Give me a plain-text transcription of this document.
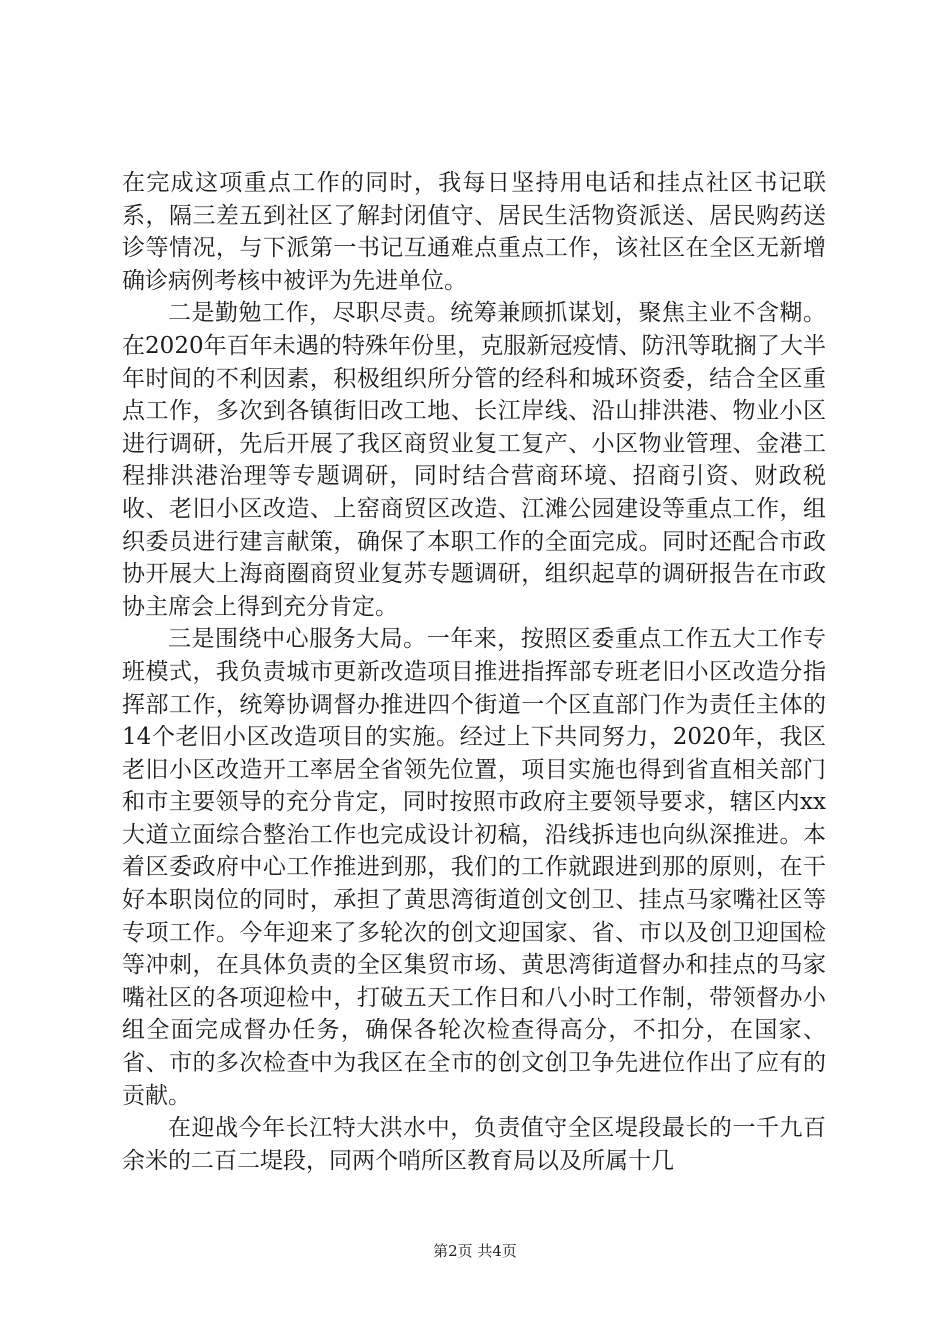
在完成这项重点工作的同时，我每日坚持用电话和挂点社区书记联系，隔三差五到社区了解封闭值守、居民生活物资派送、居民购药送诊等情况，与下派第一书记互通难点重点工作，该社区在全区无新增确诊病例考核中被评为先进单位。

二是勤勉工作，尽职尽责。统筹兼顾抓谋划，聚焦主业不含糊。在2020年百年未遇的特殊年份里，克服新冠疫情、防汛等耽搁了大半年时间的不利因素，积极组织所分管的经科和城环资委，结合全区重点工作，多次到各镇街旧改工地、长江岸线、沿山排洪港、物业小区进行调研，先后开展了我区商贸业复工复产、小区物业管理、金港工程排洪港治理等专题调研，同时结合营商环境、招商引资、财政税收、老旧小区改造、上窑商贸区改造、江滩公园建设等重点工作，组织委员进行建言献策，确保了本职工作的全面完成。同时还配合市政协开展大上海商圈商贸业复苏专题调研，组织起草的调研报告在市政协主席会上得到充分肯定。

三是围绕中心服务大局。一年来，按照区委重点工作五大工作专班模式，我负责城市更新改造项目推进指挥部专班老旧小区改造分指挥部工作，统筹协调督办推进四个街道一个区直部门作为责任主体的14个老旧小区改造项目的实施。经过上下共同努力，2020年，我区老旧小区改造开工率居全省领先位置，项目实施也得到省直相关部门和市主要领导的充分肯定，同时按照市政府主要领导要求，辖区内xx大道立面综合整治工作也完成设计初稿，沿线拆违也向纵深推进。本着区委政府中心工作推进到那，我们的工作就跟进到那的原则，在干好本职岗位的同时，承担了黄思湾街道创文创卫、挂点马家嘴社区等专项工作。今年迎来了多轮次的创文迎国家、省、市以及创卫迎国检等冲刺，在具体负责的全区集贸市场、黄思湾街道督办和挂点的马家嘴社区的各项迎检中，打破五天工作日和八小时工作制，带领督办小组全面完成督办任务，确保各轮次检查得高分，不扣分，在国家、省、市的多次检查中为我区在全市的创文创卫争先进位作出了应有的贡献。

在迎战今年长江特大洪水中，负责值守全区堤段最长的一千九百余米的二百二堤段，同两个哨所区教育局以及所属十几

第2页 共4页
